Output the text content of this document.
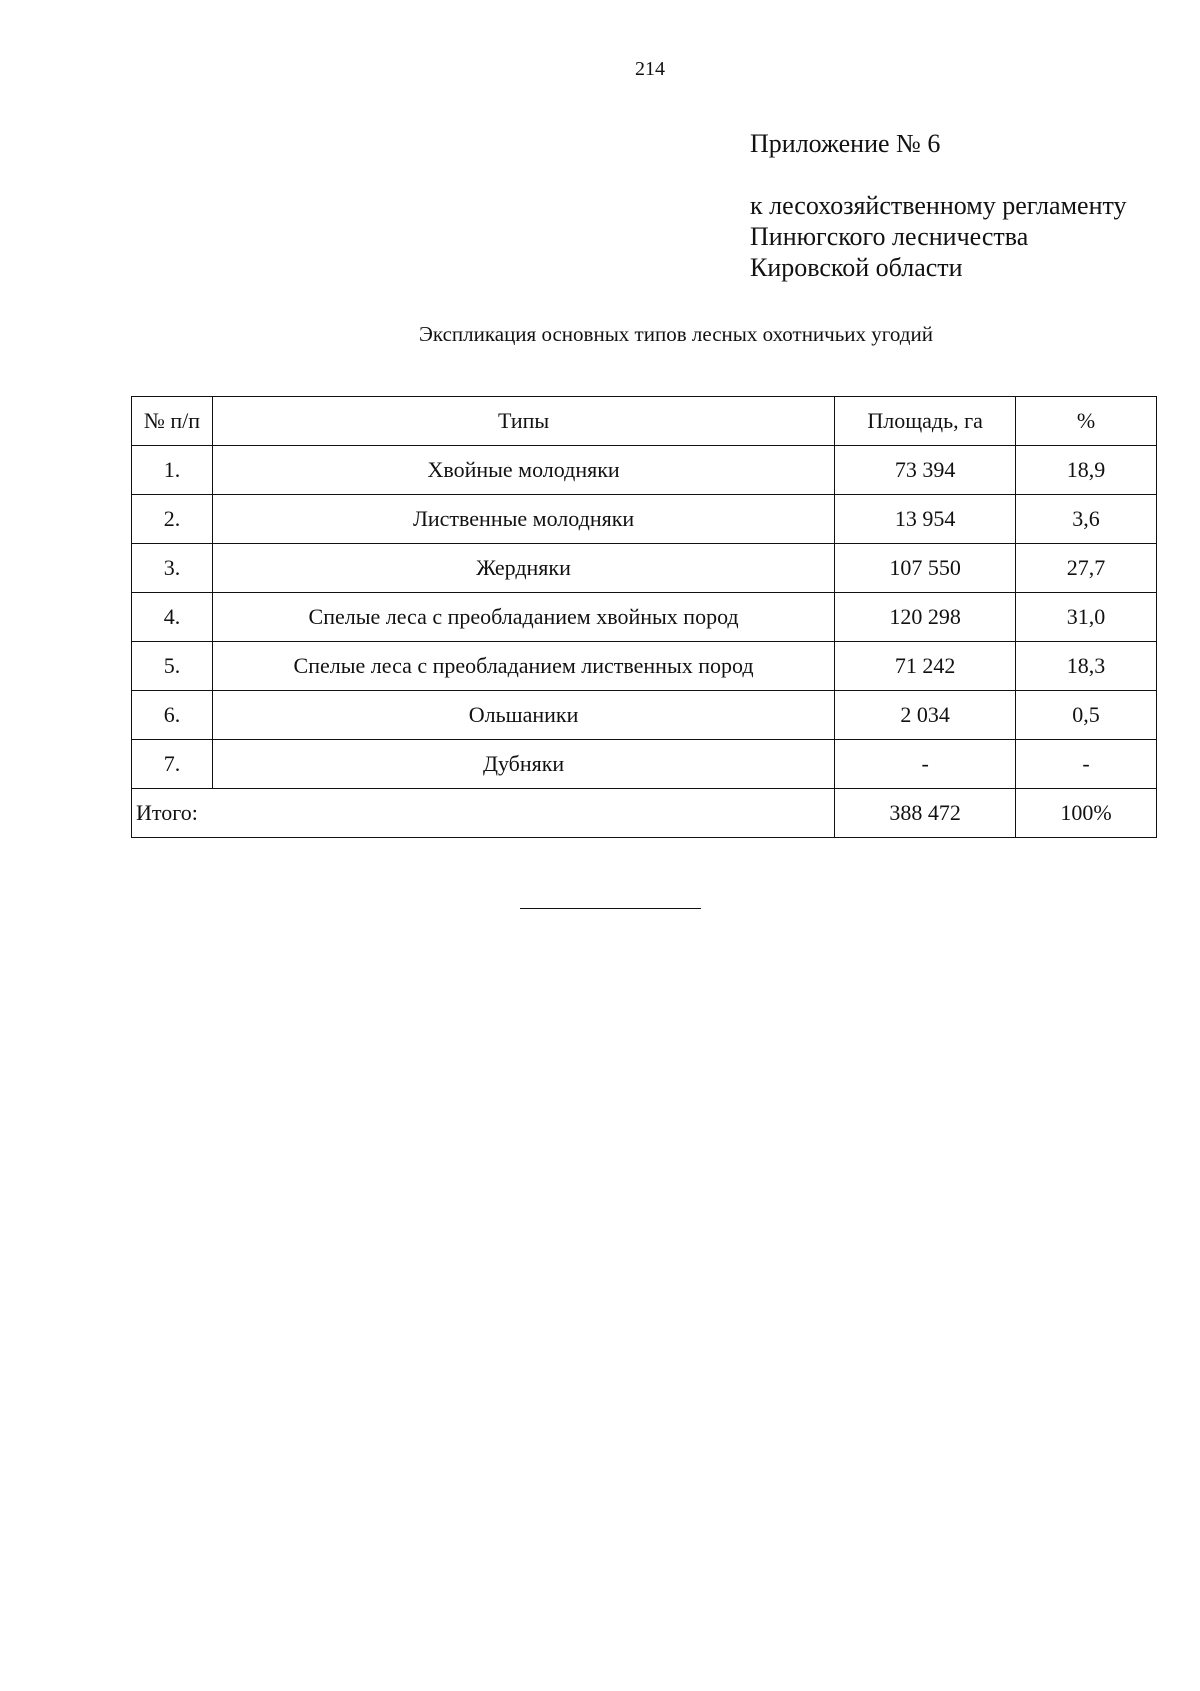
214
Приложение № 6
к лесохозяйственному регламенту
Пинюгского лесничества
Кировской области
Экспликация основных типов лесных охотничьих угодий
№ п/п	Типы	Площадь, га	%
1.	Хвойные молодняки	73 394	18,9
2.	Лиственные молодняки	13 954	3,6
3.	Жердняки	107 550	27,7
4.	Спелые леса с преобладанием хвойных пород	120 298	31,0
5.	Спелые леса с преобладанием лиственных пород	71 242	18,3
6.	Ольшаники	2 034	0,5
7.	Дубняки	-	-
Итого:		388 472	100%
